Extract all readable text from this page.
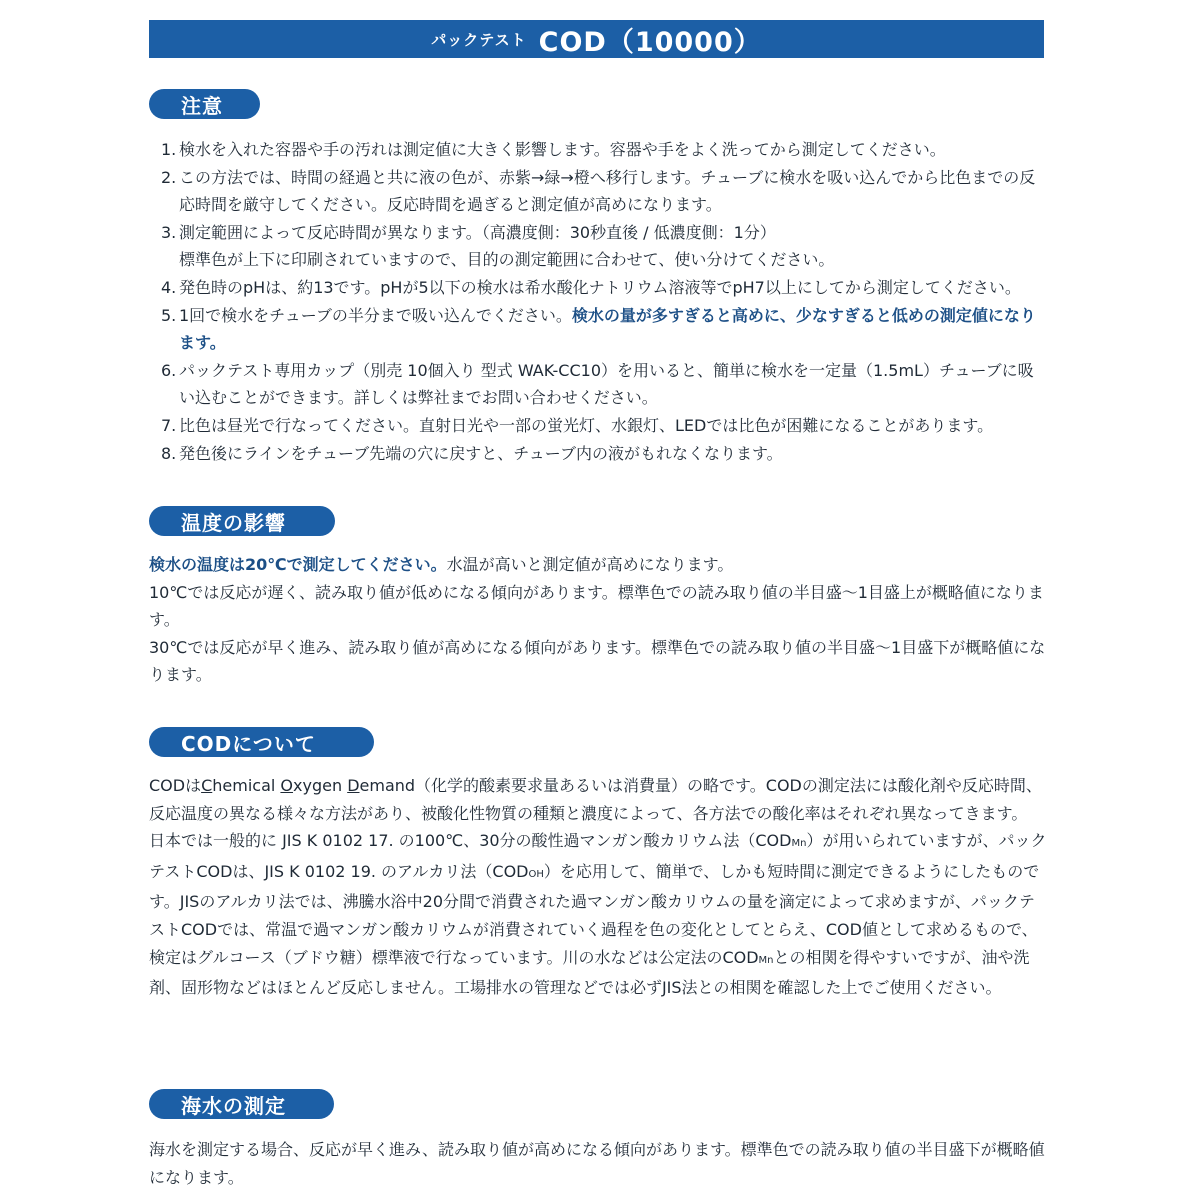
パックテスト COD（10000）
注意
1. 検水を入れた容器や手の汚れは測定値に大きく影響します。容器や手をよく洗ってから測定してください。
2. この方法では、時間の経過と共に液の色が、赤紫→緑→橙へ移行します。チューブに検水を吸い込んでから比色までの反応時間を厳守してください。反応時間を過ぎると測定値が高めになります。
3. 測定範囲によって反応時間が異なります。（高濃度側：30秒直後 / 低濃度側：1分）
標準色が上下に印刷されていますので、目的の測定範囲に合わせて、使い分けてください。
4. 発色時のpHは、約13です。pHが5以下の検水は希水酸化ナトリウム溶液等でpH7以上にしてから測定してください。
5. 1回で検水をチューブの半分まで吸い込んでください。検水の量が多すぎると高めに、少なすぎると低めの測定値になります。
6. パックテスト専用カップ（別売 10個入り 型式 WAK-CC10）を用いると、簡単に検水を一定量（1.5mL）チューブに吸い込むことができます。詳しくは弊社までお問い合わせください。
7. 比色は昼光で行なってください。直射日光や一部の蛍光灯、水銀灯、LEDでは比色が困難になることがあります。
8. 発色後にラインをチューブ先端の穴に戻すと、チューブ内の液がもれなくなります。
温度の影響

検水の温度は20℃で測定してください。水温が高いと測定値が高めになります。

10℃では反応が遅く、読み取り値が低めになる傾向があります。標準色での読み取り値の半目盛～1目盛上が概略値になります。

30℃では反応が早く進み、読み取り値が高めになる傾向があります。標準色での読み取り値の半目盛～1目盛下が概略値になります。

CODについて

CODはChemical Oxygen Demand（化学的酸素要求量あるいは消費量）の略です。CODの測定法には酸化剤や反応時間、反応温度の異なる様々な方法があり、被酸化性物質の種類と濃度によって、各方法での酸化率はそれぞれ異なってきます。

日本では一般的に JIS K 0102 17. の100℃、30分の酸性過マンガン酸カリウム法（CODMn）が用いられていますが、パックテストCODは、JIS K 0102 19. のアルカリ法（CODOH）を応用して、簡単で、しかも短時間に測定できるようにしたものです。JISのアルカリ法では、沸騰水浴中20分間で消費された過マンガン酸カリウムの量を滴定によって求めますが、パックテストCODでは、常温で過マンガン酸カリウムが消費されていく過程を色の変化としてとらえ、COD値として求めるもので、検定はグルコース（ブドウ糖）標準液で行なっています。川の水などは公定法のCODMnとの相関を得やすいですが、油や洗剤、固形物などはほとんど反応しません。工場排水の管理などでは必ずJIS法との相関を確認した上でご使用ください。

海水の測定

海水を測定する場合、反応が早く進み、読み取り値が高めになる傾向があります。標準色での読み取り値の半目盛下が概略値になります。
